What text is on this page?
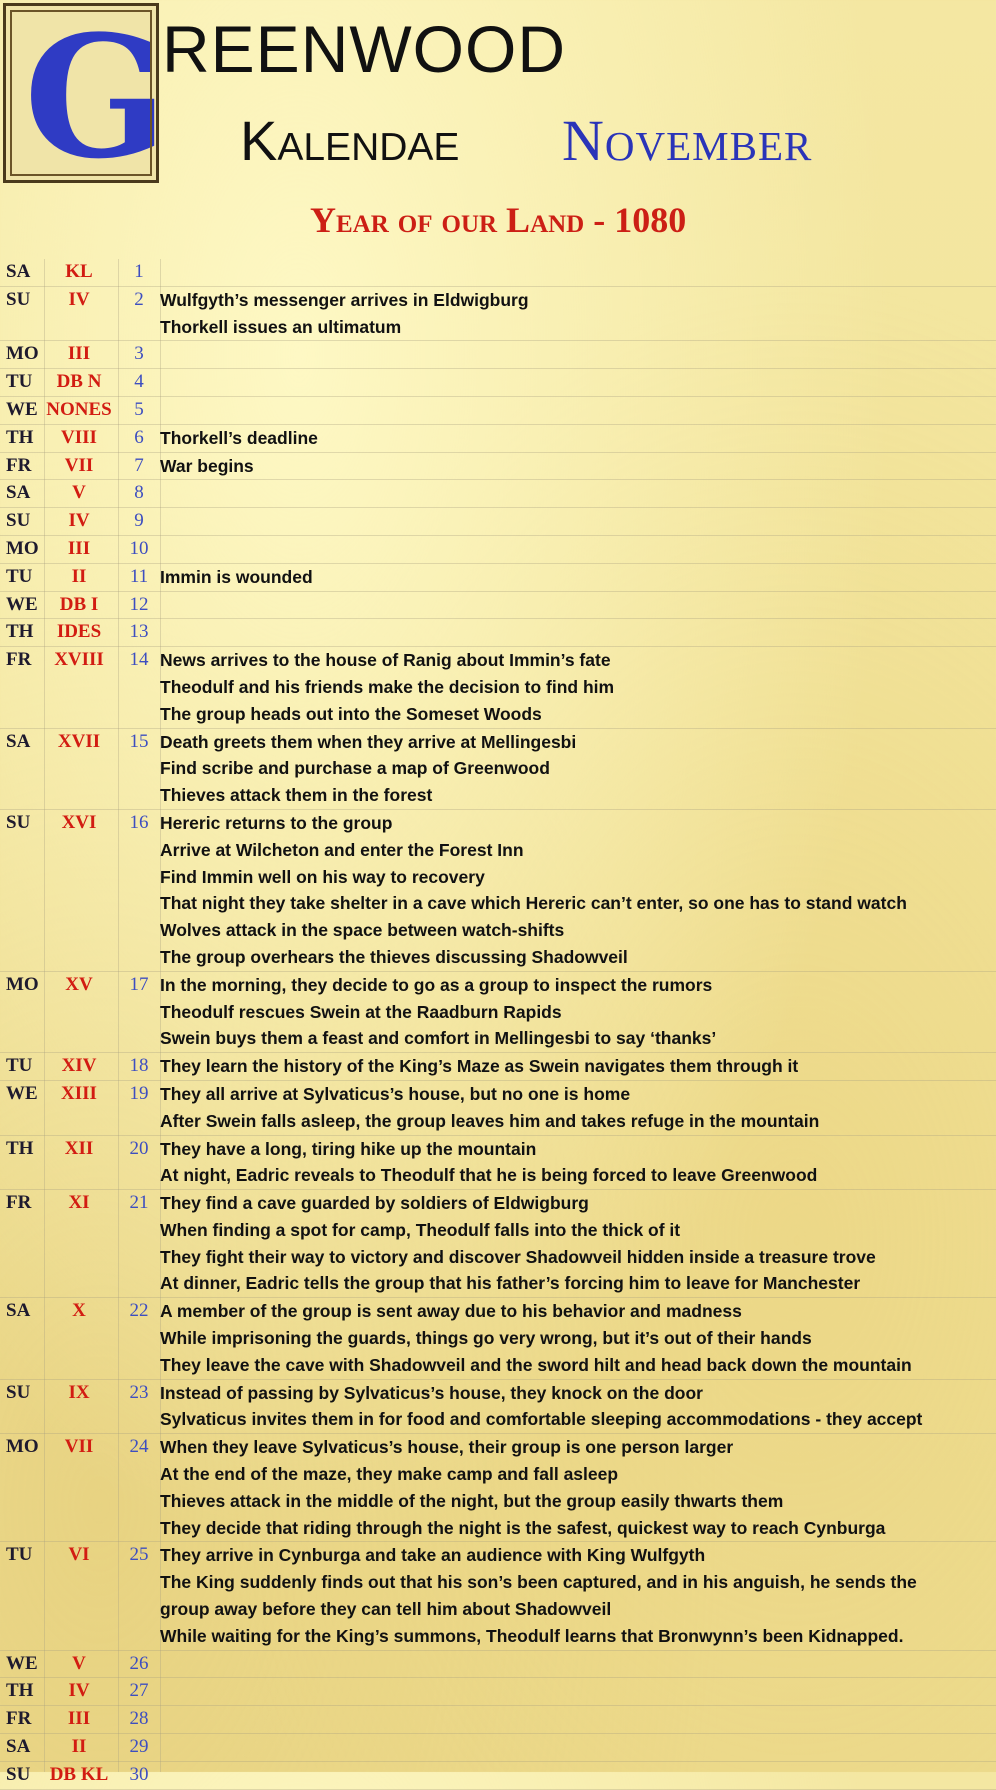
G
REENWOOD
Kalendae November
Year of our Land - 1080
SA	KL	1
SU	IV	2 Wulfgyth’s messenger arrives in Eldwigburg
Thorkell issues an ultimatum
MO	III	3
TU	DB N	4
WE NONES	5
TH	VIII	6 Thorkell’s deadline
FR	VII	7 War begins
SA	V	8
SU	IV	9
MO	III	10
TU	II	11 Immin is wounded
WE	DB I	12
TH	IDES	13
FR	XVIII	14 News arrives to the house of Ranig about Immin’s fate
Theodulf and his friends make the decision to find him
The group heads out into the Someset Woods
SA	XVII	15 Death greets them when they arrive at Mellingesbi
Find scribe and purchase a map of Greenwood
Thieves attack them in the forest
SU	XVI	16 Hereric returns to the group
Arrive at Wilcheton and enter the Forest Inn
Find Immin well on his way to recovery
That night they take shelter in a cave which Hereric can’t enter, so one has to stand watch
Wolves attack in the space between watch-shifts
The group overhears the thieves discussing Shadowveil
MO	XV	17 In the morning, they decide to go as a group to inspect the rumors
Theodulf rescues Swein at the Raadburn Rapids
Swein buys them a feast and comfort in Mellingesbi to say ‘thanks’
TU	XIV	18 They learn the history of the King’s Maze as Swein navigates them through it
WE	XIII	19 They all arrive at Sylvaticus’s house, but no one is home
After Swein falls asleep, the group leaves him and takes refuge in the mountain
TH	XII	20 They have a long, tiring hike up the mountain
At night, Eadric reveals to Theodulf that he is being forced to leave Greenwood
FR	XI	21 They find a cave guarded by soldiers of Eldwigburg
When finding a spot for camp, Theodulf falls into the thick of it
They fight their way to victory and discover Shadowveil hidden inside a treasure trove
At dinner, Eadric tells the group that his father’s forcing him to leave for Manchester
SA	X	22 A member of the group is sent away due to his behavior and madness
While imprisoning the guards, things go very wrong, but it’s out of their hands
They leave the cave with Shadowveil and the sword hilt and head back down the mountain
SU	IX	23 Instead of passing by Sylvaticus’s house, they knock on the door
Sylvaticus invites them in for food and comfortable sleeping accommodations - they accept
MO	VII	24 When they leave Sylvaticus’s house, their group is one person larger
At the end of the maze, they make camp and fall asleep
Thieves attack in the middle of the night, but the group easily thwarts them
They decide that riding through the night is the safest, quickest way to reach Cynburga
TU	VI	25 They arrive in Cynburga and take an audience with King Wulfgyth
The King suddenly finds out that his son’s been captured, and in his anguish, he sends the
group away before they can tell him about Shadowveil
While waiting for the King’s summons, Theodulf learns that Bronwynn’s been Kidnapped.
WE	V	26
TH	IV	27
FR	III	28
SA	II	29
SU	DB KL	30
